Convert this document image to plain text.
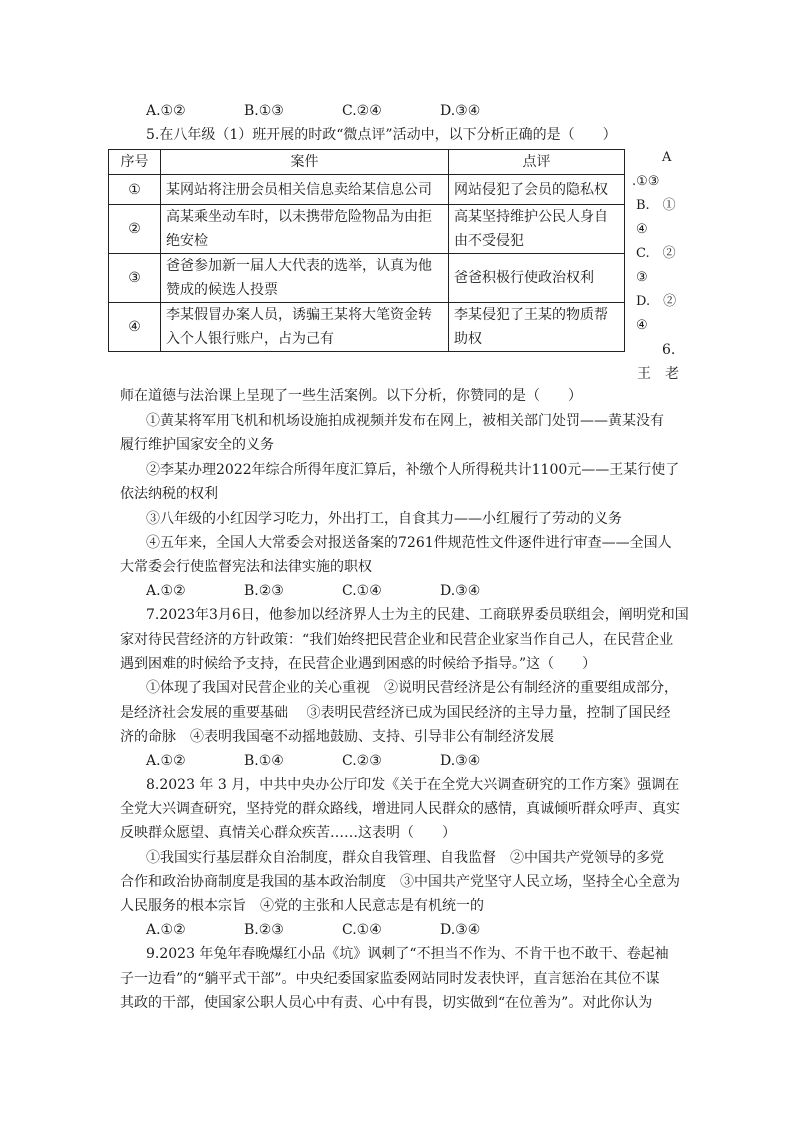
A.①②	B.①③	C.②④	D.③④
5.在八年级（1）班开展的时政“微点评”活动中，以下分析正确的是（　　）
序号	案件	点评
①	某网站将注册会员相关信息卖给某信息公司	网站侵犯了会员的隐私权
②	高某乘坐动车时，以未携带危险物品为由拒绝安检	高某坚持维护公民人身自由不受侵犯
③	爸爸参加新一届人大代表的选举，认真为他赞成的候选人投票	爸爸积极行使政治权利
④	李某假冒办案人员，诱骗王某将大笔资金转入个人银行账户，占为己有	李某侵犯了王某的物质帮助权
A
.①③
B.　①
④
C.　②
③
D.　②
④
6.
王　老
师在道德与法治课上呈现了一些生活案例。以下分析，你赞同的是（　　）
①黄某将军用飞机和机场设施拍成视频并发布在网上，被相关部门处罚——黄某没有
履行维护国家安全的义务
②李某办理2022年综合所得年度汇算后，补缴个人所得税共计1100元——王某行使了
依法纳税的权利
③八年级的小红因学习吃力，外出打工，自食其力——小红履行了劳动的义务
④五年来，全国人大常委会对报送备案的7261件规范性文件逐件进行审查——全国人
大常委会行使监督宪法和法律实施的职权
A.①②	B.②③	C.①④	D.③④
7.2023年3月6日，他参加以经济界人士为主的民建、工商联界委员联组会，阐明党和国
家对待民营经济的方针政策：“我们始终把民营企业和民营企业家当作自己人，在民营企业
遇到困难的时候给予支持，在民营企业遇到困惑的时候给予指导。”这（　　）
①体现了我国对民营企业的关心重视　②说明民营经济是公有制经济的重要组成部分，
是经济社会发展的重要基础　 ③表明民营经济已成为国民经济的主导力量，控制了国民经
济的命脉　④表明我国毫不动摇地鼓励、支持、引导非公有制经济发展
A.①②	B.①④	C.②③	D.③④
8.2023 年 3 月，中共中央办公厅印发《关于在全党大兴调查研究的工作方案》强调在
全党大兴调查研究，坚持党的群众路线，增进同人民群众的感情，真诚倾听群众呼声、真实
反映群众愿望、真情关心群众疾苦……这表明（　　）
①我国实行基层群众自治制度，群众自我管理、自我监督　②中国共产党领导的多党
合作和政治协商制度是我国的基本政治制度　③中国共产党坚守人民立场，坚持全心全意为
人民服务的根本宗旨　④党的主张和人民意志是有机统一的
A.①②	B.②③	C.①④	D.③④
9.2023 年兔年春晚爆红小品《坑》讽刺了“不担当不作为、不肯干也不敢干、卷起袖
子一边看”的“躺平式干部”。中央纪委国家监委网站同时发表快评，直言惩治在其位不谋
其政的干部，使国家公职人员心中有责、心中有畏，切实做到“在位善为”。对此你认为
